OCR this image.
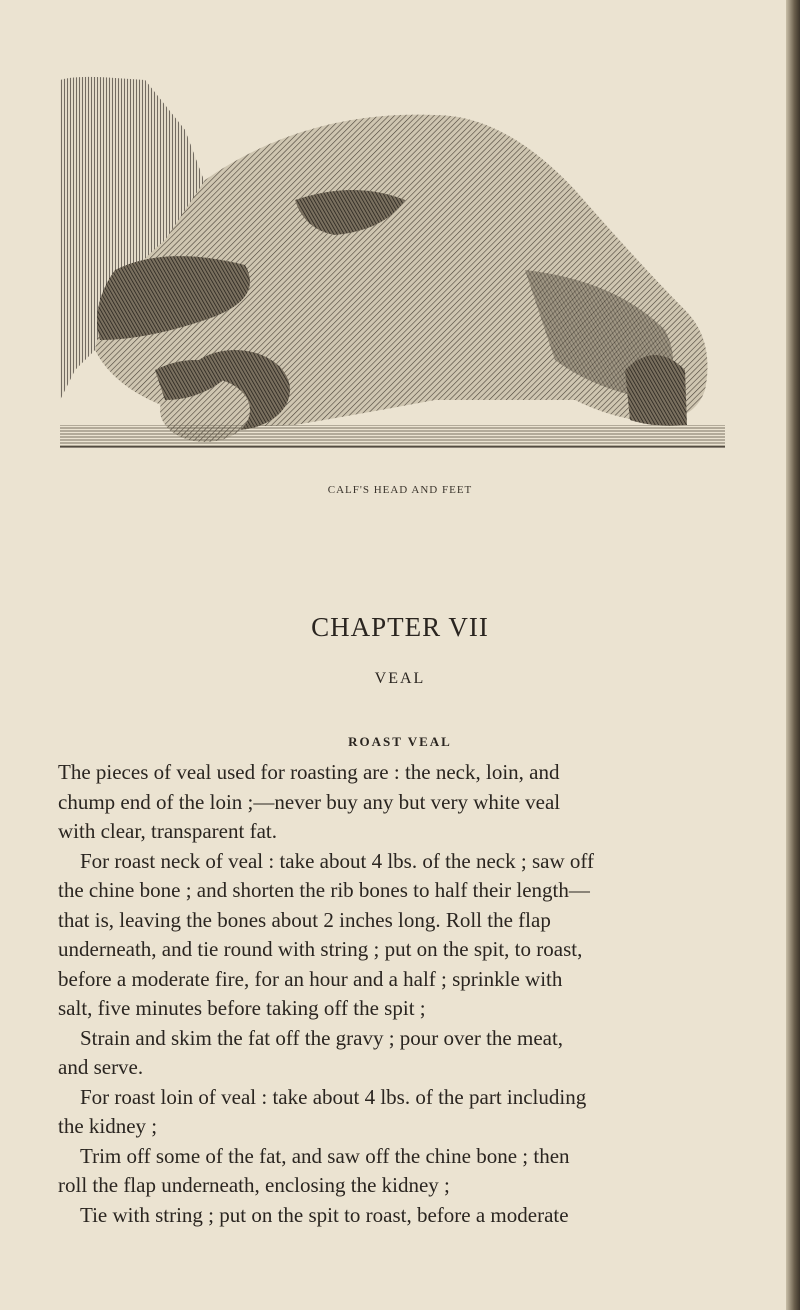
CALF'S HEAD AND FEET
CHAPTER VII
VEAL
ROAST VEAL
The pieces of veal used for roasting are : the neck, loin, and
chump end of the loin ;—never buy any but very white veal
with clear, transparent fat.
For roast neck of veal : take about 4 lbs. of the neck ; saw off
the chine bone ; and shorten the rib bones to half their length—
that is, leaving the bones about 2 inches long. Roll the flap
underneath, and tie round with string ; put on the spit, to roast,
before a moderate fire, for an hour and a half ; sprinkle with
salt, five minutes before taking off the spit ;
Strain and skim the fat off the gravy ; pour over the meat,
and serve.
For roast loin of veal : take about 4 lbs. of the part including
the kidney ;
Trim off some of the fat, and saw off the chine bone ; then
roll the flap underneath, enclosing the kidney ;
Tie with string ; put on the spit to roast, before a moderate
